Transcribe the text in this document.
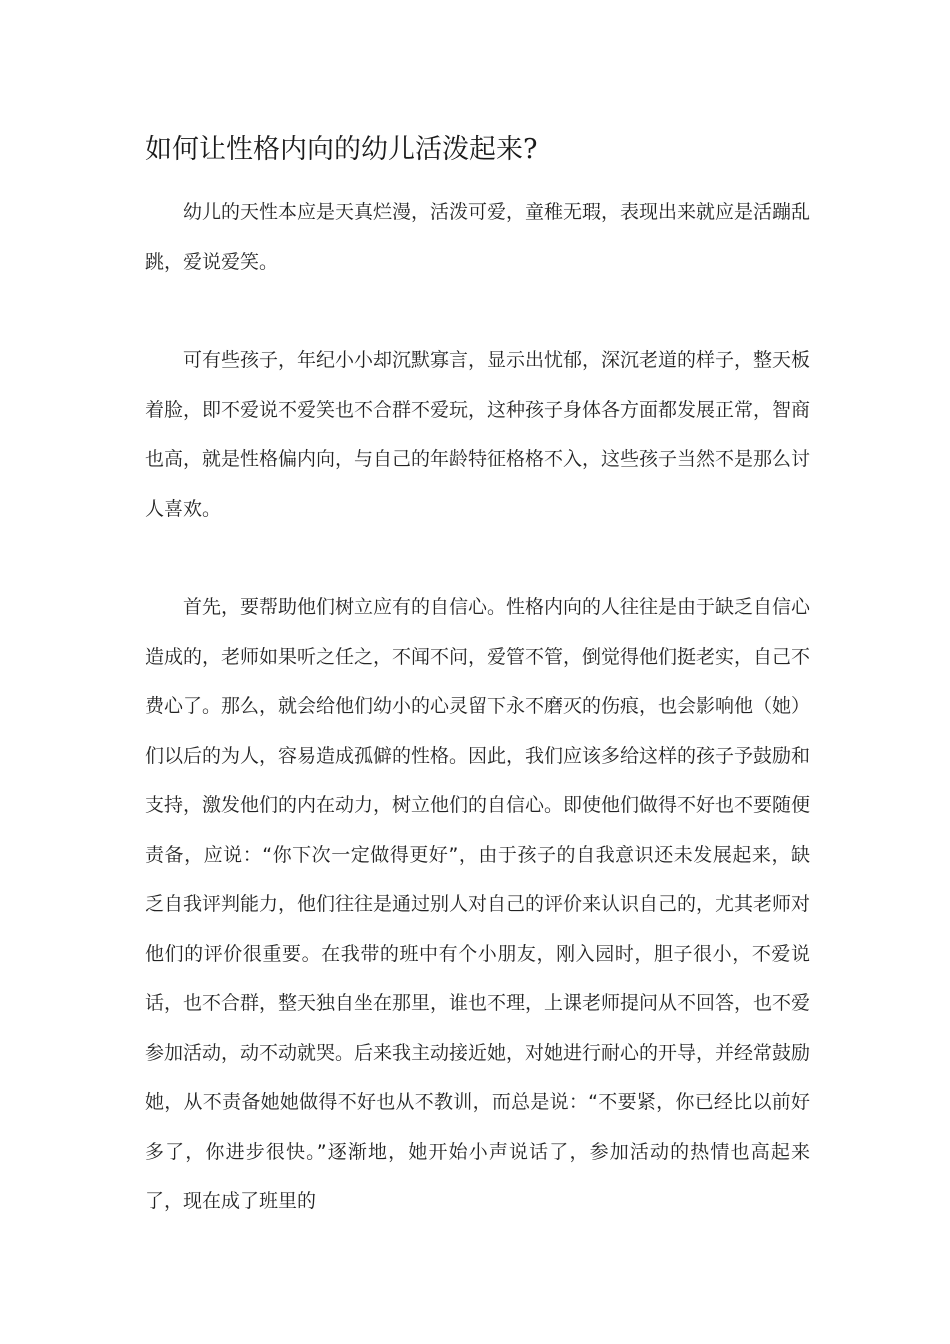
如何让性格内向的幼儿活泼起来?

幼儿的天性本应是天真烂漫，活泼可爱，童稚无瑕，表现出来就应是活蹦乱跳，爱说爱笑。

可有些孩子，年纪小小却沉默寡言，显示出忧郁，深沉老道的样子，整天板着脸，即不爱说不爱笑也不合群不爱玩，这种孩子身体各方面都发展正常，智商也高，就是性格偏内向，与自己的年龄特征格格不入，这些孩子当然不是那么讨人喜欢。

首先，要帮助他们树立应有的自信心。性格内向的人往往是由于缺乏自信心造成的，老师如果听之任之，不闻不问，爱管不管，倒觉得他们挺老实，自己不费心了。那么，就会给他们幼小的心灵留下永不磨灭的伤痕，也会影响他（她）们以后的为人，容易造成孤僻的性格。因此，我们应该多给这样的孩子予鼓励和支持，激发他们的内在动力，树立他们的自信心。即使他们做得不好也不要随便责备，应说：“你下次一定做得更好”，由于孩子的自我意识还未发展起来，缺乏自我评判能力，他们往往是通过别人对自己的评价来认识自己的，尤其老师对他们的评价很重要。在我带的班中有个小朋友，刚入园时，胆子很小，不爱说话，也不合群，整天独自坐在那里，谁也不理，上课老师提问从不回答，也不爱参加活动，动不动就哭。后来我主动接近她，对她进行耐心的开导，并经常鼓励她，从不责备她她做得不好也从不教训，而总是说：“不要紧，你已经比以前好多了，你进步很快。”逐渐地，她开始小声说话了，参加活动的热情也高起来了，现在成了班里的
